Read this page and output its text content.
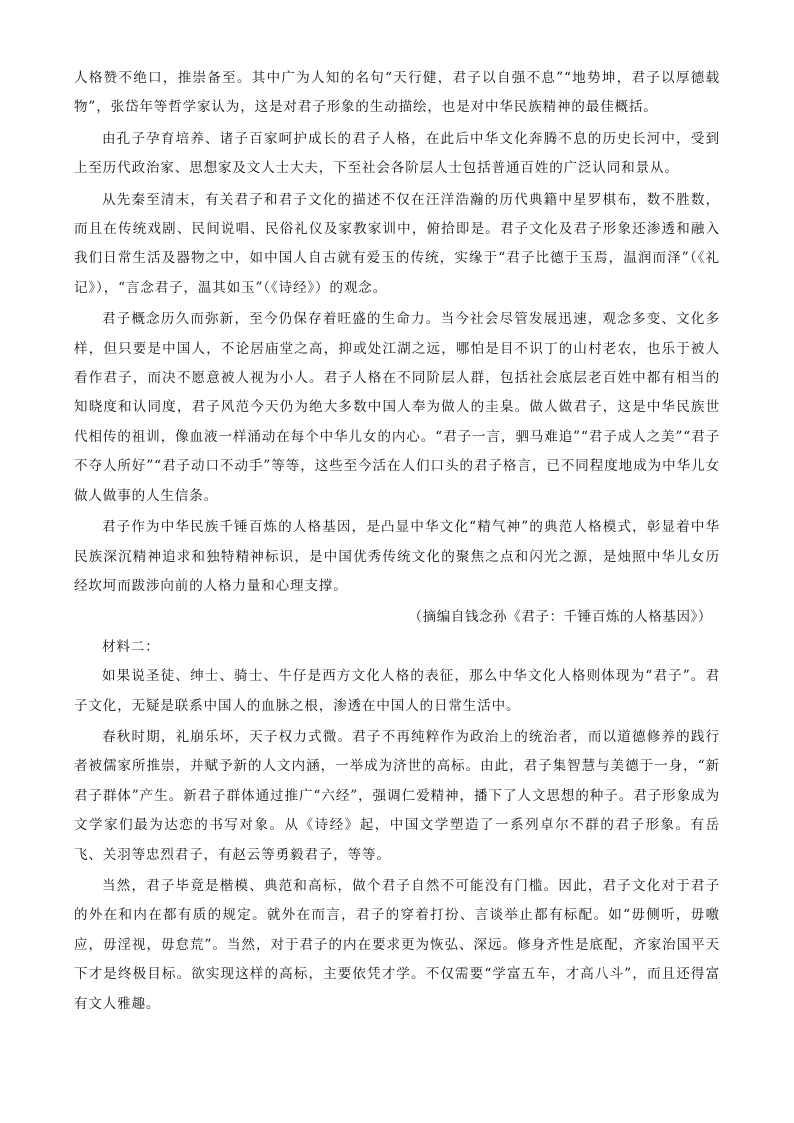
人格赞不绝口，推崇备至。其中广为人知的名句“天行健，君子以自强不息”“地势坤，君子以厚德载物”，张岱年等哲学家认为，这是对君子形象的生动描绘，也是对中华民族精神的最佳概括。

由孔子孕育培养、诸子百家呵护成长的君子人格，在此后中华文化奔腾不息的历史长河中，受到上至历代政治家、思想家及文人士大夫，下至社会各阶层人士包括普通百姓的广泛认同和景从。

从先秦至清末，有关君子和君子文化的描述不仅在汪洋浩瀚的历代典籍中星罗棋布，数不胜数，而且在传统戏剧、民间说唱、民俗礼仪及家教家训中，俯拾即是。君子文化及君子形象还渗透和融入我们日常生活及器物之中，如中国人自古就有爱玉的传统，实缘于“君子比德于玉焉，温润而泽”（《礼记》），“言念君子，温其如玉”（《诗经》）的观念。

君子概念历久而弥新，至今仍保存着旺盛的生命力。当今社会尽管发展迅速，观念多变、文化多样，但只要是中国人，不论居庙堂之高，抑或处江湖之远，哪怕是目不识丁的山村老农，也乐于被人看作君子，而决不愿意被人视为小人。君子人格在不同阶层人群，包括社会底层老百姓中都有相当的知晓度和认同度，君子风范今天仍为绝大多数中国人奉为做人的圭臬。做人做君子，这是中华民族世代相传的祖训，像血液一样涌动在每个中华儿女的内心。“君子一言，驷马难追”“君子成人之美”“君子不夺人所好”“君子动口不动手”等等，这些至今活在人们口头的君子格言，已不同程度地成为中华儿女做人做事的人生信条。

君子作为中华民族千锤百炼的人格基因，是凸显中华文化“精气神”的典范人格模式，彰显着中华民族深沉精神追求和独特精神标识，是中国优秀传统文化的聚焦之点和闪光之源，是烛照中华儿女历经坎坷而跋涉向前的人格力量和心理支撑。

（摘编自钱念孙《君子：千锤百炼的人格基因》）

材料二：

如果说圣徒、绅士、骑士、牛仔是西方文化人格的表征，那么中华文化人格则体现为“君子”。君子文化，无疑是联系中国人的血脉之根，渗透在中国人的日常生活中。

春秋时期，礼崩乐坏，天子权力式微。君子不再纯粹作为政治上的统治者，而以道德修养的践行者被儒家所推崇，并赋予新的人文内涵，一举成为济世的高标。由此，君子集智慧与美德于一身，“新君子群体”产生。新君子群体通过推广“六经”，强调仁爱精神，播下了人文思想的种子。君子形象成为文学家们最为达恋的书写对象。从《诗经》起，中国文学塑造了一系列卓尔不群的君子形象。有岳飞、关羽等忠烈君子，有赵云等勇毅君子，等等。

当然，君子毕竟是楷模、典范和高标，做个君子自然不可能没有门槛。因此，君子文化对于君子的外在和内在都有质的规定。就外在而言，君子的穿着打扮、言谈举止都有标配。如“毋侧听，毋噭应，毋淫视，毋怠荒”。当然，对于君子的内在要求更为恢弘、深远。修身齐性是底配，齐家治国平天下才是终极目标。欲实现这样的高标，主要依凭才学。不仅需要“学富五车，才高八斗”，而且还得富有文人雅趣。
